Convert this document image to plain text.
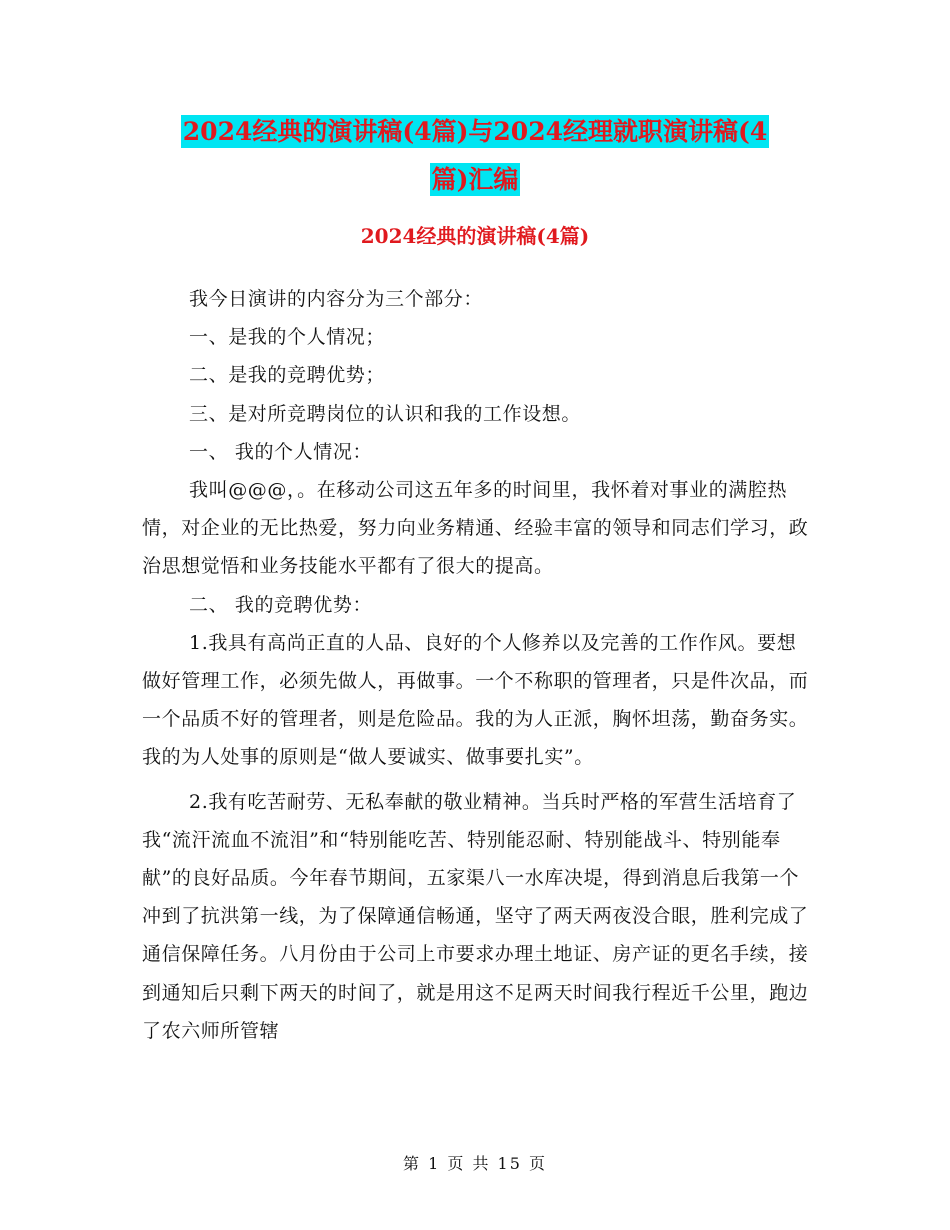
2024经典的演讲稿(4篇)与2024经理就职演讲稿(4
篇)汇编
2024经典的演讲稿(4篇)

我今日演讲的内容分为三个部分：

一、是我的个人情况；

二、是我的竞聘优势；

三、是对所竞聘岗位的认识和我的工作设想。

一、 我的个人情况：

我叫@@@，。在移动公司这五年多的时间里，我怀着对事业的满腔热情，对企业的无比热爱，努力向业务精通、经验丰富的领导和同志们学习，政治思想觉悟和业务技能水平都有了很大的提高。

二、 我的竞聘优势：

1.我具有高尚正直的人品、良好的个人修养以及完善的工作作风。要想做好管理工作，必须先做人，再做事。一个不称职的管理者，只是件次品，而一个品质不好的管理者，则是危险品。我的为人正派，胸怀坦荡，勤奋务实。我的为人处事的原则是“做人要诚实、做事要扎实”。

2.我有吃苦耐劳、无私奉献的敬业精神。当兵时严格的军营生活培育了我“流汗流血不流泪”和“特别能吃苦、特别能忍耐、特别能战斗、特别能奉献”的良好品质。今年春节期间，五家渠八一水库决堤，得到消息后我第一个冲到了抗洪第一线，为了保障通信畅通，坚守了两天两夜没合眼，胜利完成了通信保障任务。八月份由于公司上市要求办理土地证、房产证的更名手续，接到通知后只剩下两天的时间了，就是用这不足两天时间我行程近千公里，跑边了农六师所管辖

第 1 页 共 15 页
